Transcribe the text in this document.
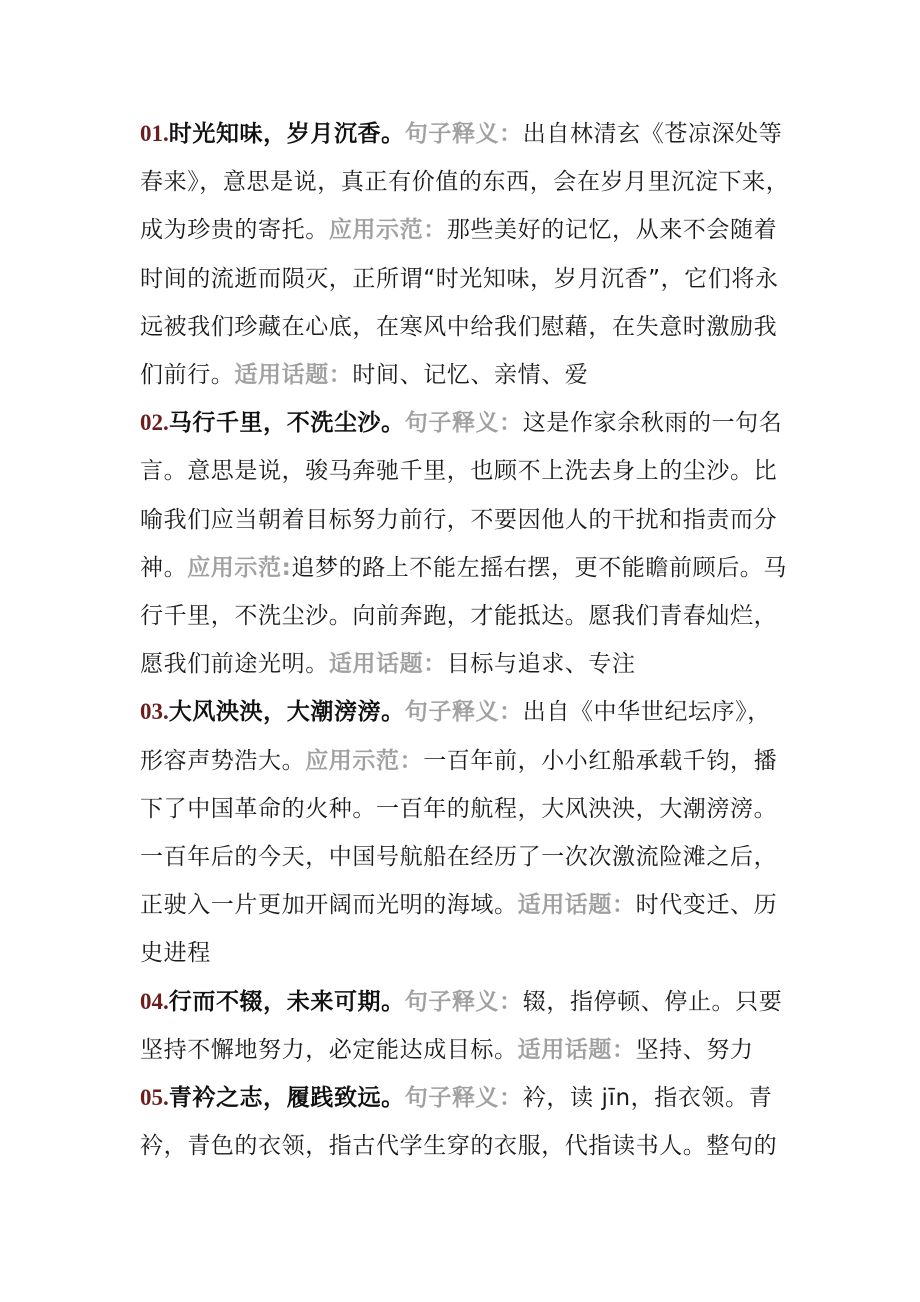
01.时光知味，岁月沉香。句子释义：出自林清玄《苍凉深处等春来》，意思是说，真正有价值的东西，会在岁月里沉淀下来，成为珍贵的寄托。应用示范：那些美好的记忆，从来不会随着时间的流逝而陨灭，正所谓“时光知味，岁月沉香”，它们将永远被我们珍藏在心底，在寒风中给我们慰藉，在失意时激励我们前行。适用话题：时间、记忆、亲情、爱

02.马行千里，不洗尘沙。句子释义：这是作家余秋雨的一句名言。意思是说，骏马奔驰千里，也顾不上洗去身上的尘沙。比喻我们应当朝着目标努力前行，不要因他人的干扰和指责而分神。应用示范:追梦的路上不能左摇右摆，更不能瞻前顾后。马行千里，不洗尘沙。向前奔跑，才能抵达。愿我们青春灿烂，愿我们前途光明。适用话题：目标与追求、专注

03.大风泱泱，大潮滂滂。句子释义：出自《中华世纪坛序》，形容声势浩大。应用示范：一百年前，小小红船承载千钧，播下了中国革命的火种。一百年的航程，大风泱泱，大潮滂滂。一百年后的今天，中国号航船在经历了一次次激流险滩之后，正驶入一片更加开阔而光明的海域。适用话题：时代变迁、历史进程

04.行而不辍，未来可期。句子释义：辍，指停顿、停止。只要坚持不懈地努力，必定能达成目标。适用话题：坚持、努力

05.青衿之志，履践致远。句子释义：衿，读 jīn，指衣领。青衿，青色的衣领，指古代学生穿的衣服，代指读书人。整句的
